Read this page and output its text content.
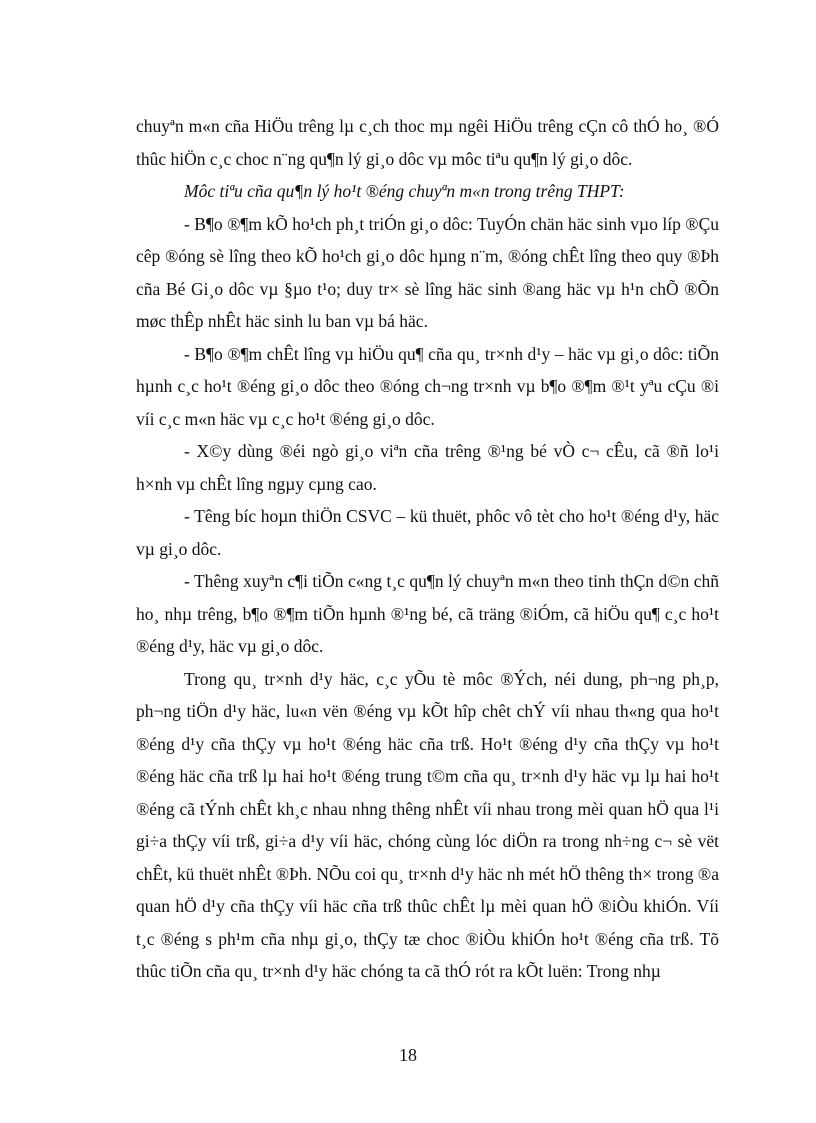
chuyªn m«n cña HiÖu trêng lµ c¸ch thoc mµ ngêi HiÖu trêng cÇn cô thÓ ho¸ ®Ó thûc hiÖn c¸c choc n¨ng qu¶n lý gi¸o dôc vµ môc tiªu qu¶n lý gi¸o dôc.

Môc tiªu cña qu¶n lý ho¹t ®éng chuyªn m«n trong trêng THPT:

- B¶o ®¶m kÕ ho¹ch ph¸t triÓn gi¸o dôc: TuyÓn chän häc sinh vµo líp ®Çu cêp ®óng sè lîng theo kÕ ho¹ch gi¸o dôc hµng n¨m, ®óng chÊt lîng theo quy ®Þh cña Bé Gi¸o dôc vµ §µo t¹o; duy tr× sè lîng häc sinh ®ang häc vµ h¹n chÕ ®Õn møc thÊp nhÊt häc sinh lu ban vµ bá häc.

- B¶o ®¶m chÊt lîng vµ hiÖu qu¶ cña qu¸ tr×nh d¹y – häc vµ gi¸o dôc: tiÕn hµnh c¸c ho¹t ®éng gi¸o dôc theo ®óng ch¬ng tr×nh vµ b¶o ®¶m ®¹t yªu cÇu ®i víi c¸c m«n häc vµ c¸c ho¹t ®éng gi¸o dôc.

- X©y dùng ®éi ngò gi¸o viªn cña trêng ®¹ng bé vÒ c¬ cÊu, cã ®ñ lo¹i h×nh vµ chÊt lîng ngµy cµng cao.

- Têng bíc hoµn thiÖn CSVC – kü thuët, phôc vô tèt cho ho¹t ®éng d¹y, häc vµ gi¸o dôc.

- Thêng xuyªn c¶i tiÕn c«ng t¸c qu¶n lý chuyªn m«n theo tinh thÇn d©n chñ ho¸ nhµ trêng, b¶o ®¶m tiÕn hµnh ®¹ng bé, cã träng ®iÓm, cã hiÖu qu¶ c¸c ho¹t ®éng d¹y, häc vµ gi¸o dôc.

Trong qu¸ tr×nh d¹y häc, c¸c yÕu tè môc ®Ých, néi dung, ph¬ng ph¸p, ph¬ng tiÖn d¹y häc, lu«n vën ®éng vµ kÕt hîp chêt chÝ víi nhau th«ng qua ho¹t ®éng d¹y cña thÇy vµ ho¹t ®éng häc cña trß. Ho¹t ®éng d¹y cña thÇy vµ ho¹t ®éng häc cña trß lµ hai ho¹t ®éng trung t©m cña qu¸ tr×nh d¹y häc vµ lµ hai ho¹t ®éng cã tÝnh chÊt kh¸c nhau nhng thêng nhÊt víi nhau trong mèi quan hÖ qua l¹i gi÷a thÇy víi trß, gi÷a d¹y víi häc, chóng cùng lóc diÖn ra trong nh÷ng c¬ sè vët chÊt, kü thuët nhÊt ®Þh. NÕu coi qu¸ tr×nh d¹y häc nh mét hÖ thêng th× trong ®a quan hÖ d¹y cña thÇy víi häc cña trß thûc chÊt lµ mèi quan hÖ ®iÒu khiÓn. Víi t¸c ®éng s ph¹m cña nhµ gi¸o, thÇy tæ choc ®iÒu khiÓn ho¹t ®éng cña trß. Tõ thûc tiÕn cña qu¸ tr×nh d¹y häc chóng ta cã thÓ rót ra kÕt luën: Trong nhµ

18
